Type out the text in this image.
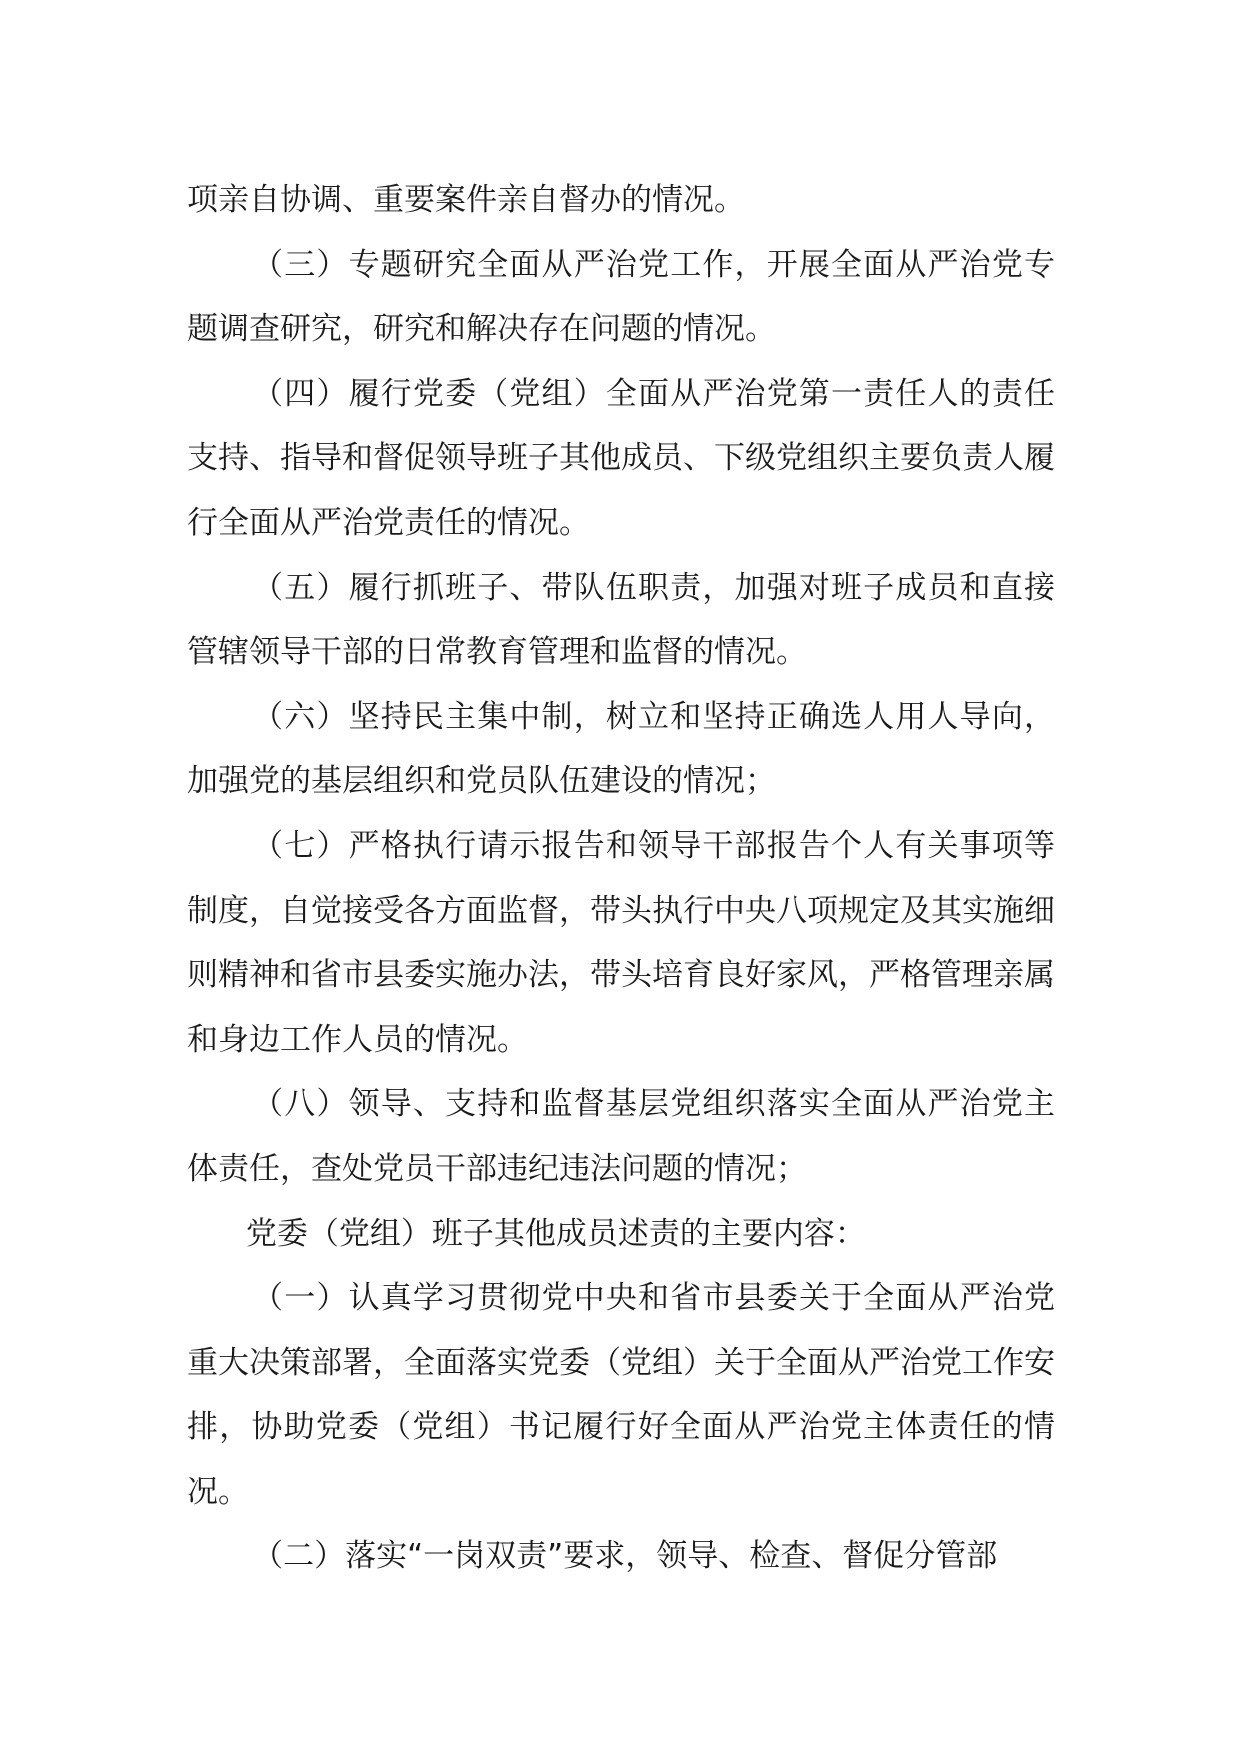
项亲自协调、重要案件亲自督办的情况。

（三）专题研究全面从严治党工作，开展全面从严治党专题调查研究，研究和解决存在问题的情况。

（四）履行党委（党组）全面从严治党第一责任人的责任支持、指导和督促领导班子其他成员、下级党组织主要负责人履行全面从严治党责任的情况。

（五）履行抓班子、带队伍职责，加强对班子成员和直接管辖领导干部的日常教育管理和监督的情况。

（六）坚持民主集中制，树立和坚持正确选人用人导向，加强党的基层组织和党员队伍建设的情况；

（七）严格执行请示报告和领导干部报告个人有关事项等制度，自觉接受各方面监督，带头执行中央八项规定及其实施细则精神和省市县委实施办法，带头培育良好家风，严格管理亲属和身边工作人员的情况。

（八）领导、支持和监督基层党组织落实全面从严治党主体责任，查处党员干部违纪违法问题的情况；

党委（党组）班子其他成员述责的主要内容：

（一）认真学习贯彻党中央和省市县委关于全面从严治党重大决策部署，全面落实党委（党组）关于全面从严治党工作安排，协助党委（党组）书记履行好全面从严治党主体责任的情况。

（二）落实“一岗双责”要求，领导、检查、督促分管部
